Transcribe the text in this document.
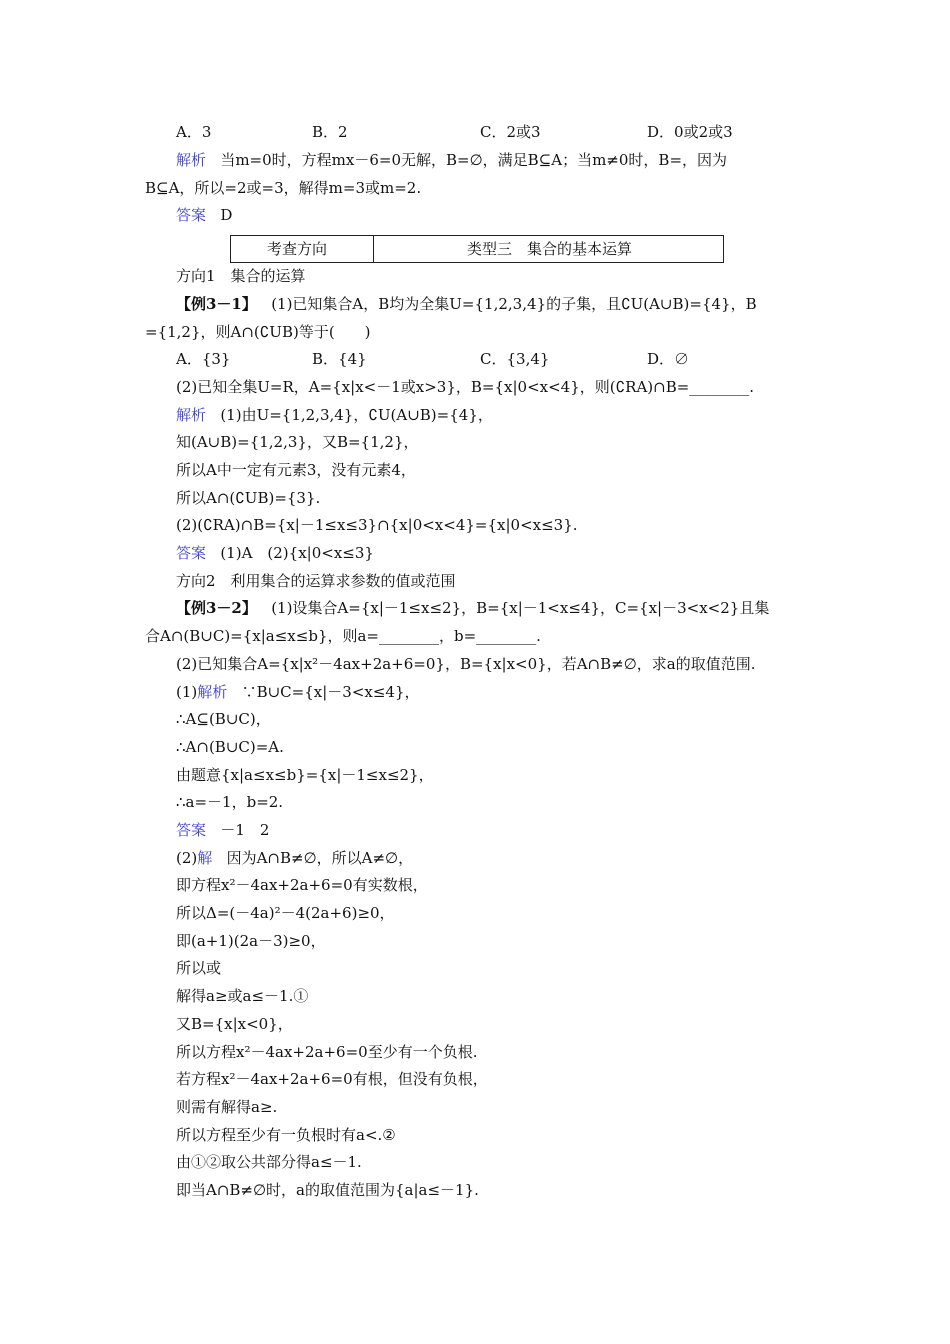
A．3	B．2	C．2或3	D．0或2或3
解析 当m=0时，方程mx－6=0无解，B=∅，满足B⊆A；当m≠0时，B=，因为
B⊆A，所以=2或=3，解得m=3或m=2.
答案 D
考查方向	类型三　集合的基本运算
方向1　集合的运算
【例3－1】 (1)已知集合A，B均为全集U={1,2,3,4}的子集，且∁U(A∪B)={4}，B
={1,2}，则A∩(∁UB)等于(　　)
A．{3}	B．{4}	C．{3,4}	D．∅
(2)已知全集U=R，A={x|x<－1或x>3}，B={x|0<x<4}，则(∁RA)∩B=________.
解析 (1)由U={1,2,3,4}，∁U(A∪B)={4}，
知(A∪B)={1,2,3}，又B={1,2}，
所以A中一定有元素3，没有元素4，
所以A∩(∁UB)={3}.
(2)(∁RA)∩B={x|－1≤x≤3}∩{x|0<x<4}={x|0<x≤3}.
答案 (1)A　(2){x|0<x≤3}
方向2　利用集合的运算求参数的值或范围
【例3－2】 (1)设集合A={x|－1≤x≤2}，B={x|－1<x≤4}，C={x|－3<x<2}且集
合A∩(B∪C)={x|a≤x≤b}，则a=________，b=________.
(2)已知集合A={x|x²－4ax+2a+6=0}，B={x|x<0}，若A∩B≠∅，求a的取值范围.
(1)解析 ∵B∪C={x|－3<x≤4}，
∴A⊆(B∪C)，
∴A∩(B∪C)=A.
由题意{x|a≤x≤b}={x|－1≤x≤2}，
∴a=－1，b=2.
答案 －1　2
(2)解 因为A∩B≠∅，所以A≠∅，
即方程x²－4ax+2a+6=0有实数根，
所以Δ=(－4a)²－4(2a+6)≥0，
即(a+1)(2a－3)≥0，
所以或
解得a≥或a≤－1.①
又B={x|x<0}，
所以方程x²－4ax+2a+6=0至少有一个负根.
若方程x²－4ax+2a+6=0有根，但没有负根，
则需有解得a≥.
所以方程至少有一负根时有a<.②
由①②取公共部分得a≤－1.
即当A∩B≠∅时，a的取值范围为{a|a≤－1}.
